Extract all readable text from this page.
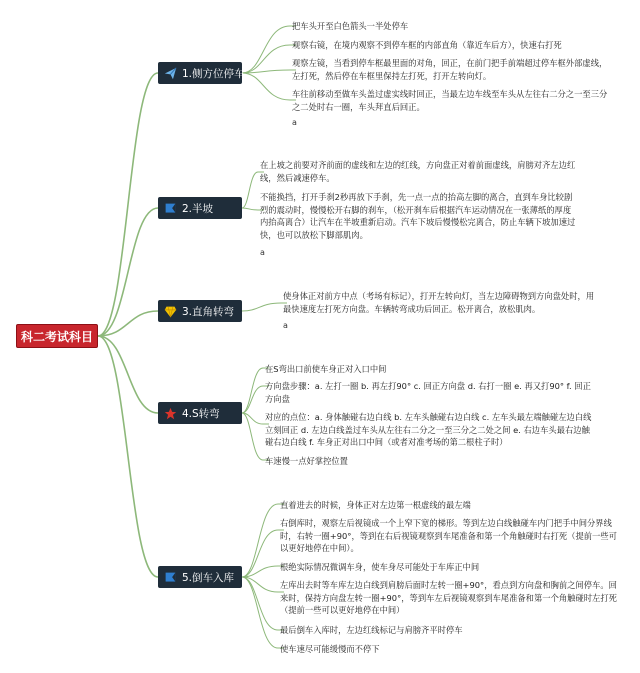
科二考试科目
1.侧方位停车
把车头开至白色箭头一半处停车
观察右镜，在境内观察不到停车框的内部直角（靠近车后方），快速右打死
观察左镜，当看到停车框最里面的对角，回正，在前门把手前端超过停车框外部虚线，左打死，然后停在车框里保持左打死，打开左转向灯。
车往前移动至做车头盖过虚实线时回正，当最左边车线至车头从左往右二分之一至三分之二处时右一圈，车头拜直后回正。
a
2.半坡
在上坡之前要对齐前面的虚线和左边的红线，方向盘正对着前面虚线，肩膀对齐左边红线，然后减速停车。
不能换挡，打开手刹2秒再放下手刹，先一点一点的抬高左脚的离合，直到车身比较剧烈的震动时，慢慢松开右脚的刹车，（松开刹车后根据汽车运动情况在一张薄纸的厚度内抬高离合）让汽车在半坡重新启动。汽车下坡后慢慢松完离合，防止车辆下坡加速过快，也可以放松下脚部肌肉。
a
3.直角转弯
使身体正对前方中点（考场有标记），打开左转向灯，当左边障碍物到方向盘处时，用最快速度左打死方向盘。车辆转弯成功后回正。松开离合，放松肌肉。
a
4.S转弯
在S弯出口前使车身正对入口中间
方向盘步骤：a. 左打一圈 b. 再左打90° c. 回正方向盘 d. 右打一圈 e. 再又打90° f. 回正方向盘
对应的点位：a. 身体触碰右边白线 b. 左车头触碰右边白线 c. 左车头最左端触碰左边白线立刻回正 d. 左边白线盖过车头从左往右二分之一至三分之二处之间 e. 右边车头最右边触碰右边白线 f. 车身正对出口中间（或者对准考场的第二根柱子时）
车速慢一点好掌控位置
5.倒车入库
直着进去的时候，身体正对左边第一根虚线的最左端
右倒库时，观察左后视镜成一个上窄下宽的梯形。等到左边白线触碰车内门把手中间分界线时，右转一圈+90°，等到在右后视镜观察到车尾准备和第一个角触碰时右打死（提前一些可以更好地停在中间）。
根绝实际情况微调车身，使车身尽可能处于车库正中间
左库出去时等车库左边白线到肩膀后面时左转一圈+90°，看点到方向盘和胸前之间停车。回来时，保持方向盘左转一圈+90°，等到车左后视镜观察到车尾准备和第一个角触碰时左打死（提前一些可以更好地停在中间）
最后倒车入库时，左边红线标记与肩膀齐平时停车
使车速尽可能缓慢而不停下
